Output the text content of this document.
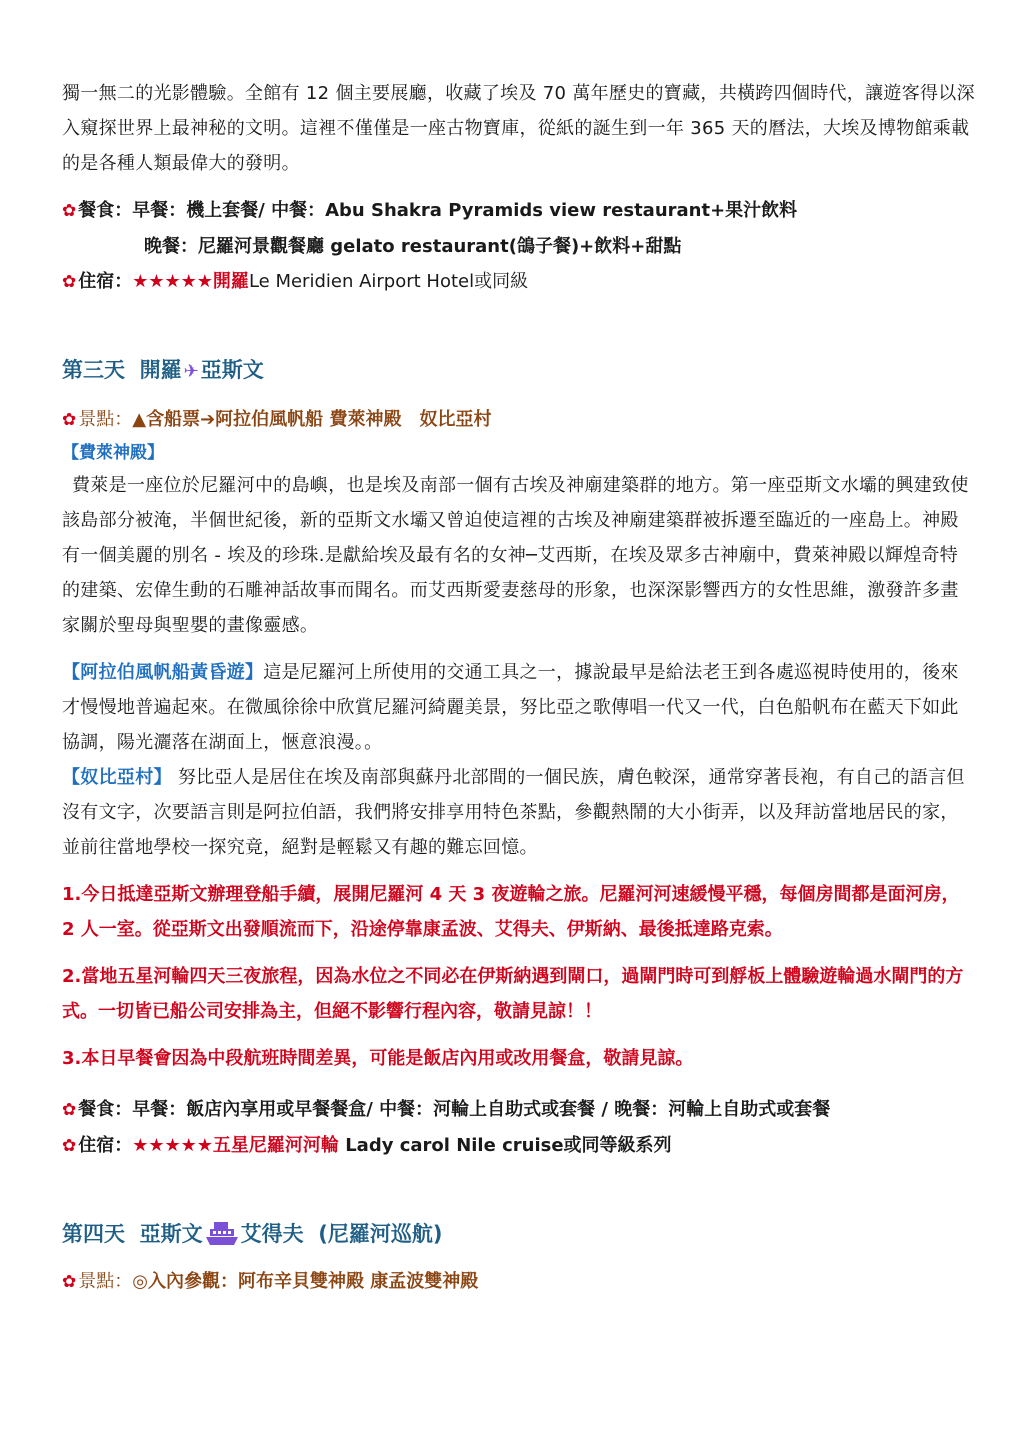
獨一無二的光影體驗。全館有 12 個主要展廳，收藏了埃及 70 萬年歷史的寶藏，共橫跨四個時代，讓遊客得以深入窺探世界上最神秘的文明。這裡不僅僅是一座古物寶庫，從紙的誕生到一年 365 天的曆法，大埃及博物館乘載的是各種人類最偉大的發明。

✿ 餐食：早餐：機上套餐/ 中餐：Abu Shakra Pyramids view restaurant+果汁飲料

晚餐：尼羅河景觀餐廳 gelato restaurant(鴿子餐)+飲料+甜點

✿ 住宿：★★★★★開羅Le Meridien Airport Hotel或同級

第三天 開羅 ✈亞斯文

✿ 景點：▲含船票➔阿拉伯風帆船 費萊神殿　奴比亞村

【費萊神殿】

費萊是一座位於尼羅河中的島嶼，也是埃及南部一個有古埃及神廟建築群的地方。第一座亞斯文水壩的興建致使該島部分被淹，半個世紀後，新的亞斯文水壩又曾迫使這裡的古埃及神廟建築群被拆遷至臨近的一座島上。神殿有一個美麗的別名 - 埃及的珍珠.是獻給埃及最有名的女神─艾西斯，在埃及眾多古神廟中，費萊神殿以輝煌奇特的建築、宏偉生動的石雕神話故事而聞名。而艾西斯愛妻慈母的形象，也深深影響西方的女性思維，激發許多畫家關於聖母與聖嬰的畫像靈感。

【阿拉伯風帆船黃昏遊】這是尼羅河上所使用的交通工具之一，據說最早是給法老王到各處巡視時使用的，後來才慢慢地普遍起來。在微風徐徐中欣賞尼羅河綺麗美景，努比亞之歌傳唱一代又一代，白色船帆布在藍天下如此協調，陽光灑落在湖面上，愜意浪漫。。

【奴比亞村】 努比亞人是居住在埃及南部與蘇丹北部間的一個民族，膚色較深，通常穿著長袍，有自己的語言但沒有文字，次要語言則是阿拉伯語，我們將安排享用特色茶點，參觀熱鬧的大小街弄，以及拜訪當地居民的家，並前往當地學校一探究竟，絕對是輕鬆又有趣的難忘回憶。

1.今日抵達亞斯文辦理登船手續，展開尼羅河 4 天 3 夜遊輪之旅。尼羅河河速緩慢平穩，每個房間都是面河房， 2 人一室。從亞斯文出發順流而下，沿途停靠康孟波、艾得夫、伊斯納、最後抵達路克索。

2.當地五星河輪四天三夜旅程，因為水位之不同必在伊斯納遇到閘口，過閘門時可到艀板上體驗遊輪過水閘門的方式。一切皆已船公司安排為主，但絕不影響行程內容，敬請見諒！！

3.本日早餐會因為中段航班時間差異，可能是飯店內用或改用餐盒，敬請見諒。

✿ 餐食：早餐：飯店內享用或早餐餐盒/ 中餐：河輪上自助式或套餐 / 晚餐：河輪上自助式或套餐

✿ 住宿：★★★★★五星尼羅河河輪 Lady carol Nile cruise或同等級系列

第四天 亞斯文 艾得夫 (尼羅河巡航)

✿ 景點：◎入內參觀：阿布辛貝雙神殿 康孟波雙神殿
